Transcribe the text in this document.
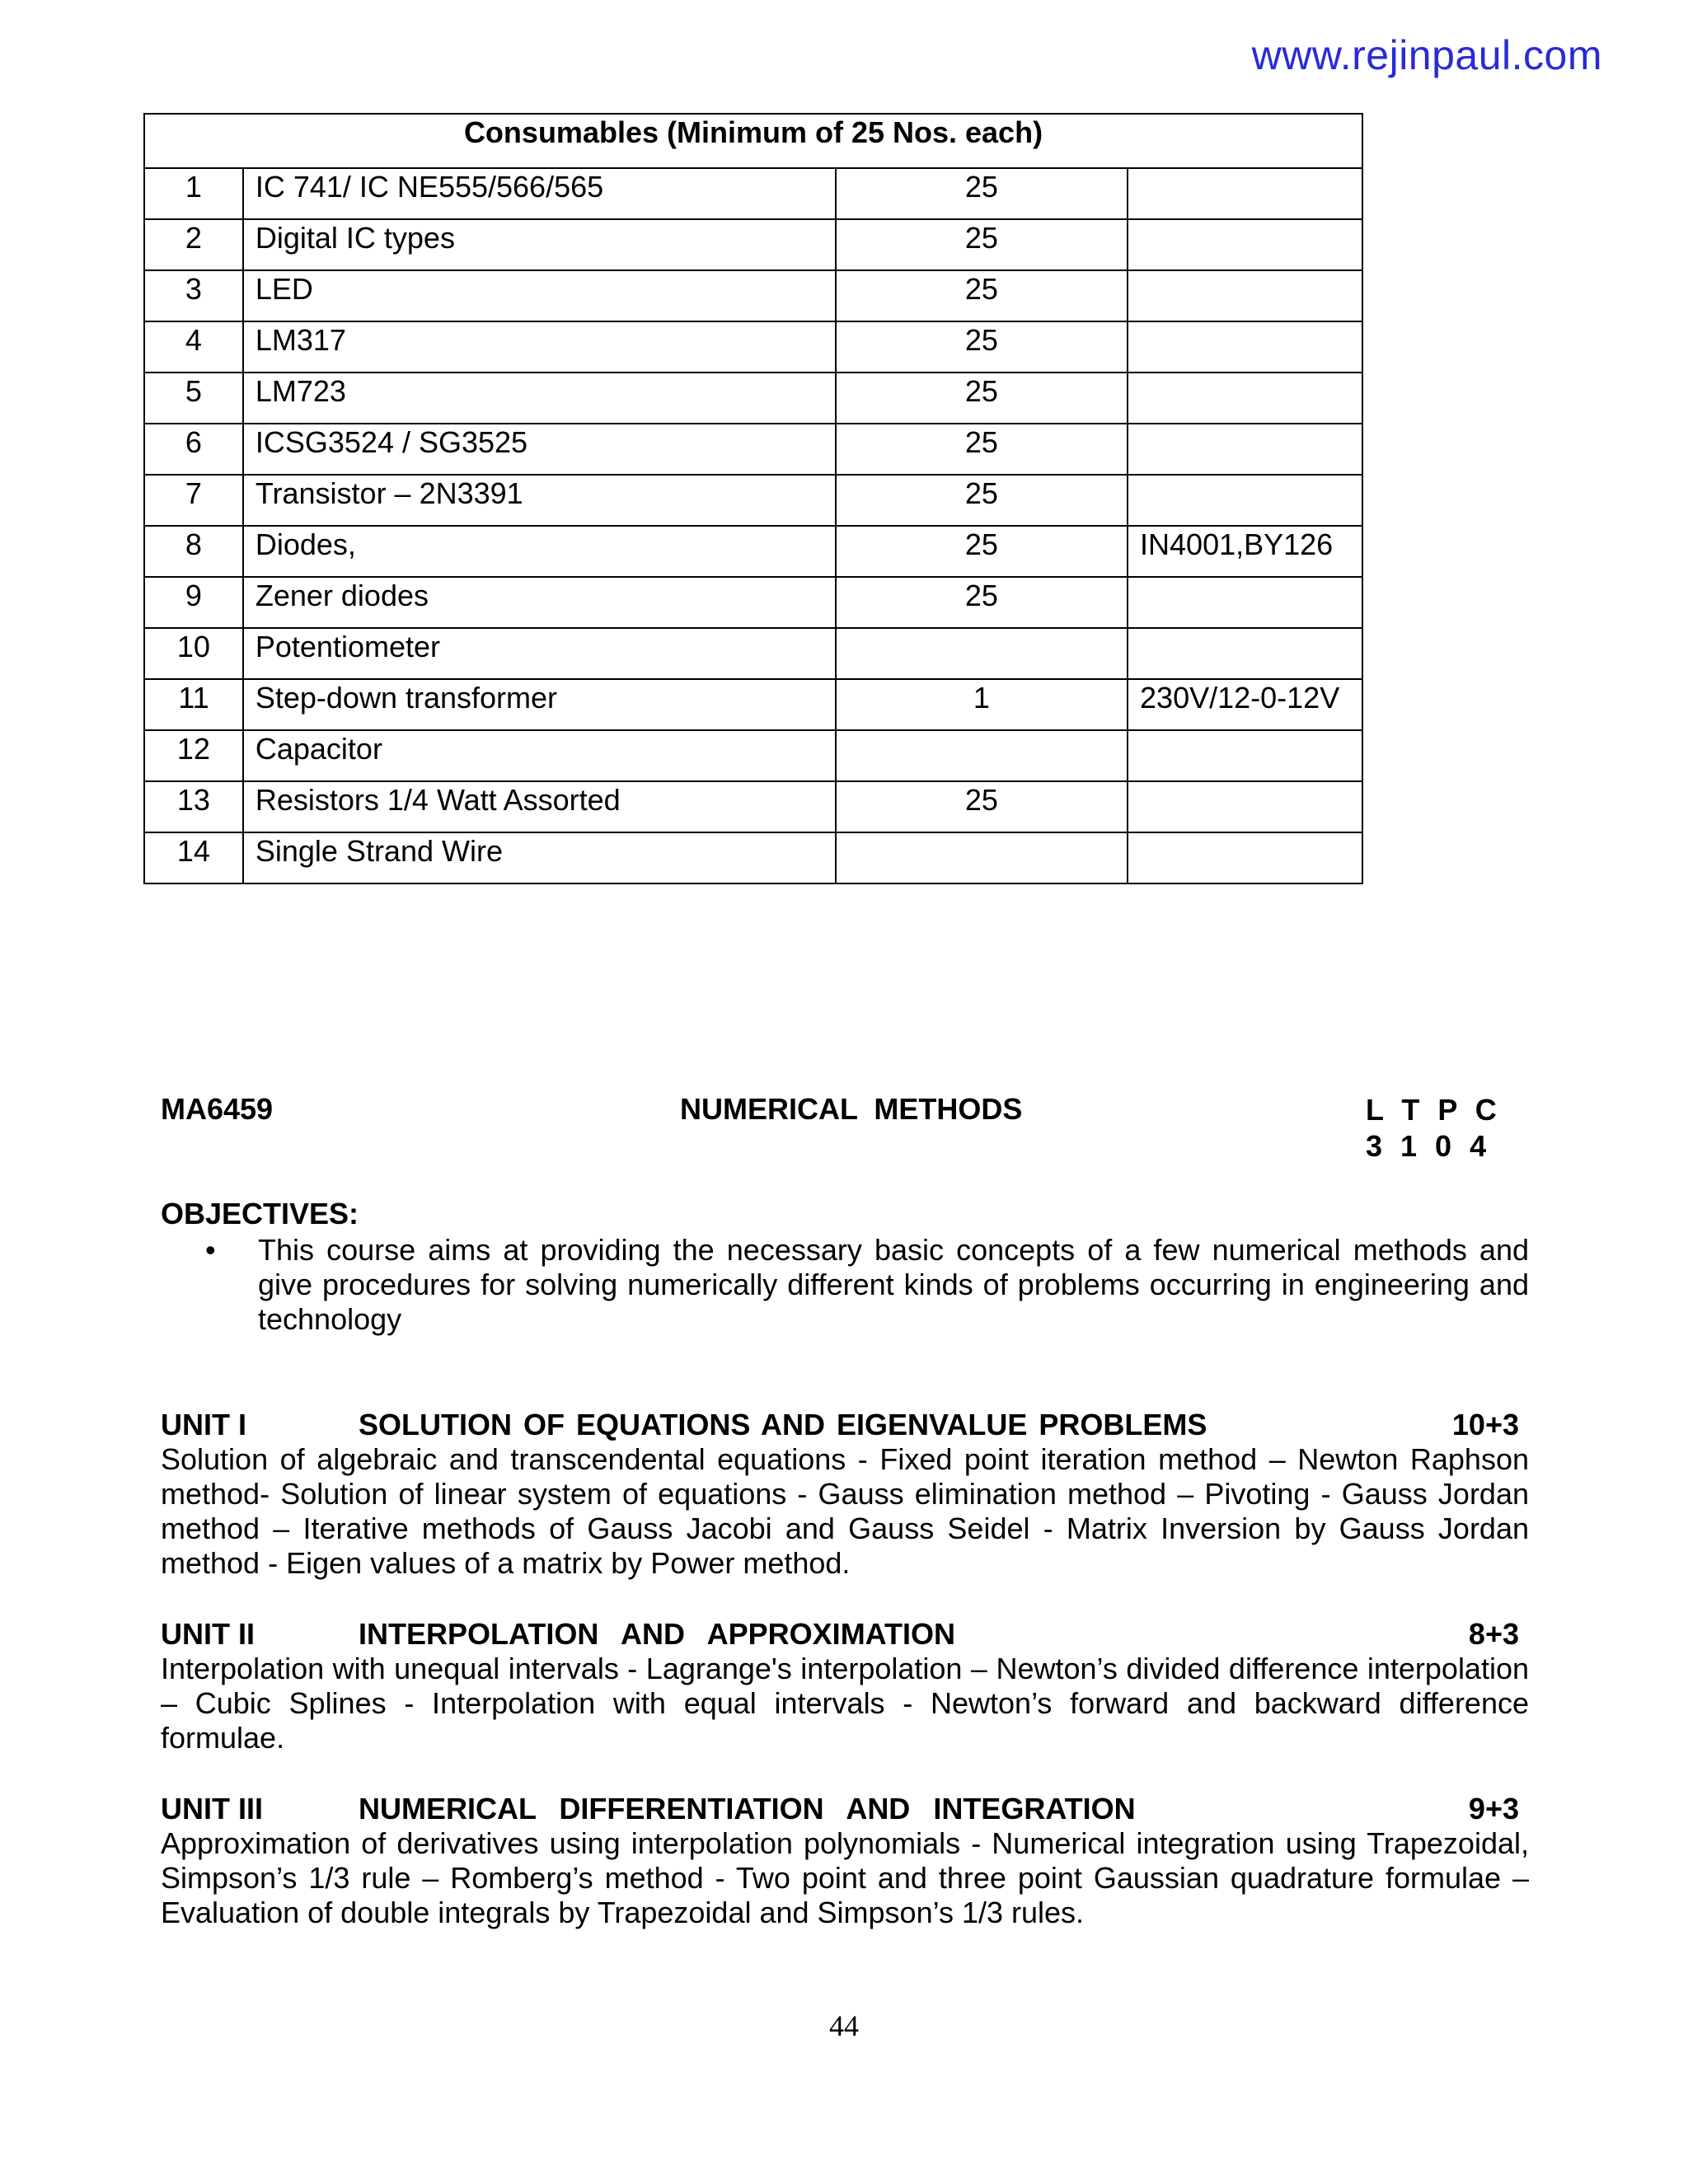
www.rejinpaul.com
Consumables (Minimum of 25 Nos. each)			
1	IC 741/ IC NE555/566/565	25	
2	Digital IC types	25	
3	LED	25	
4	LM317	25	
5	LM723	25	
6	ICSG3524 / SG3525	25	
7	Transistor – 2N3391	25	
8	Diodes,	25	IN4001,BY126
9	Zener diodes	25	
10	Potentiometer		
11	Step-down transformer	1	230V/12-0-12V
12	Capacitor		
13	Resistors 1/4 Watt Assorted	25	
14	Single Strand Wire		
MA6459	NUMERICAL  METHODS	L T P C
3 1 0 4
OBJECTIVES:
• This course aims at providing the necessary basic concepts of a few numerical methods and give procedures for solving numerically different kinds of problems occurring in engineering and technology
UNIT I	SOLUTION OF EQUATIONS AND EIGENVALUE PROBLEMS	10+3
Solution of algebraic and transcendental equations - Fixed point iteration method – Newton Raphson method- Solution of linear system of equations - Gauss elimination method – Pivoting - Gauss Jordan method – Iterative methods of Gauss Jacobi and Gauss Seidel - Matrix Inversion by Gauss Jordan method - Eigen values of a matrix by Power method.
UNIT II	INTERPOLATION  AND  APPROXIMATION	8+3
Interpolation with unequal intervals - Lagrange's interpolation – Newton’s divided difference interpolation – Cubic Splines - Interpolation with equal intervals - Newton’s forward and backward difference formulae.
UNIT III	NUMERICAL  DIFFERENTIATION  AND  INTEGRATION	9+3
Approximation of derivatives using interpolation polynomials - Numerical integration using Trapezoidal, Simpson’s 1/3 rule – Romberg’s method - Two point and three point Gaussian quadrature formulae – Evaluation of double integrals by Trapezoidal and Simpson’s 1/3 rules.
44
